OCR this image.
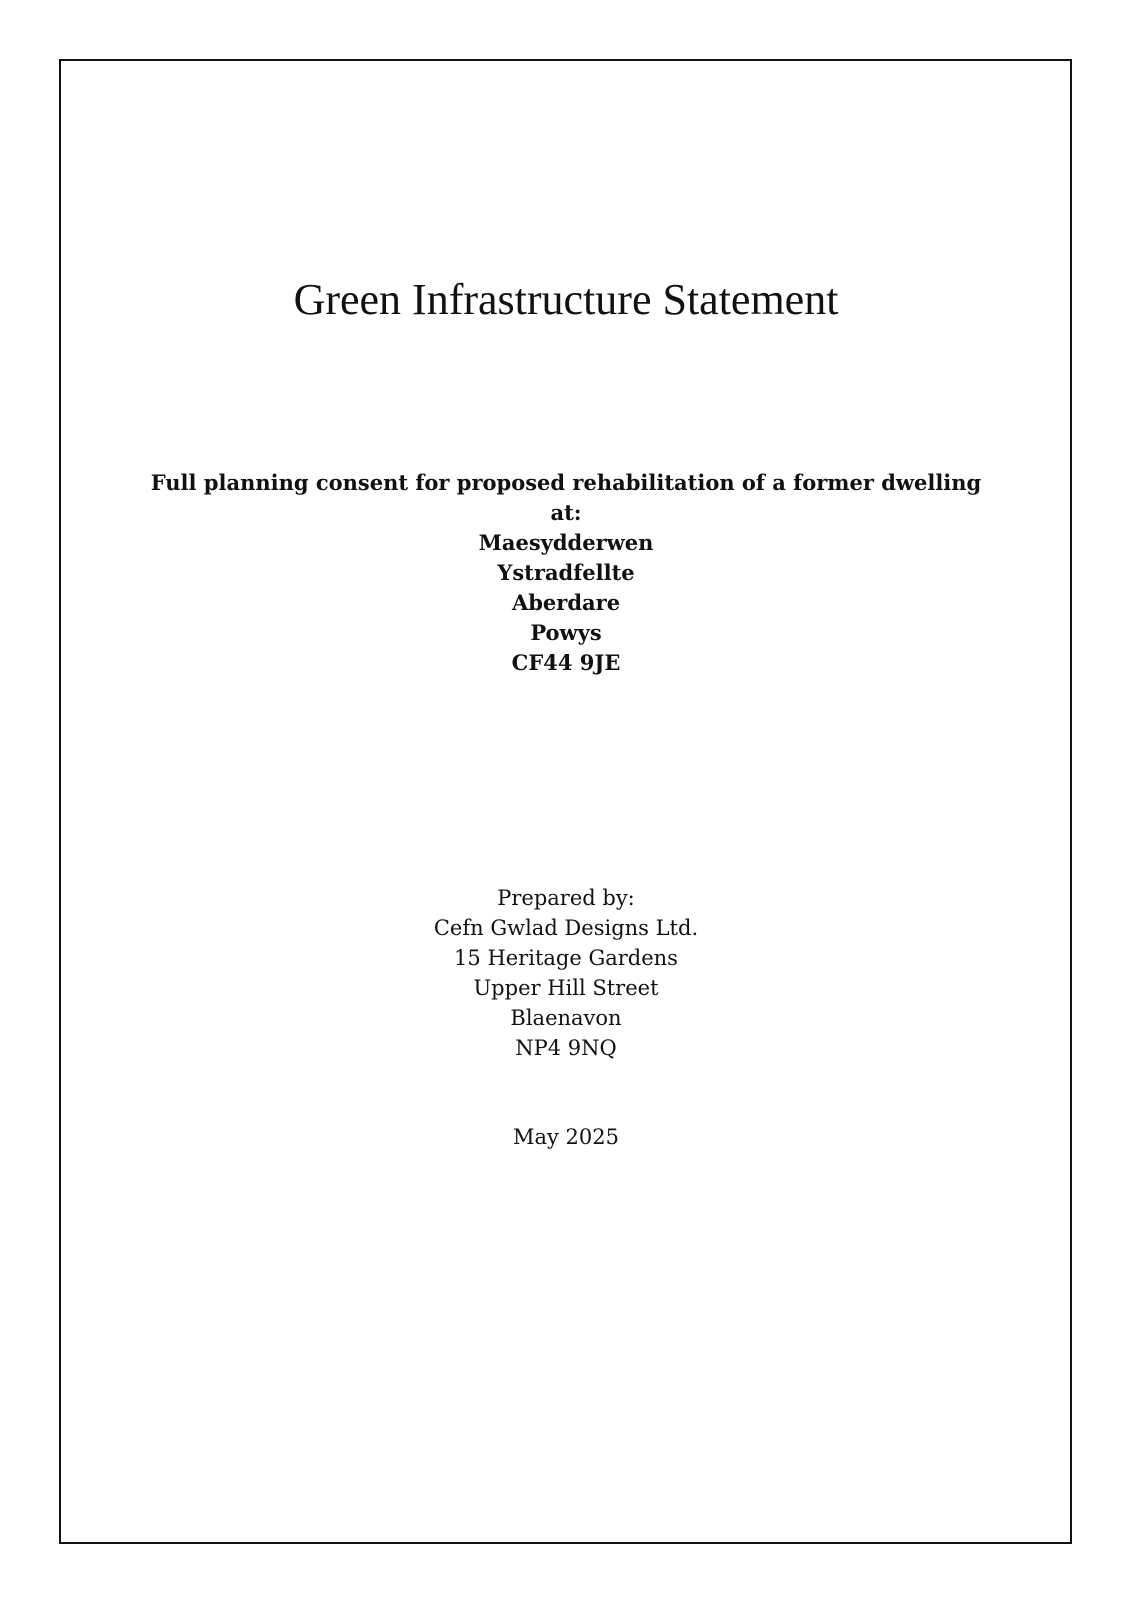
Green Infrastructure Statement
Full planning consent for proposed rehabilitation of a former dwelling
at:
Maesydderwen
Ystradfellte
Aberdare
Powys
CF44 9JE
Prepared by:
Cefn Gwlad Designs Ltd.
15 Heritage Gardens
Upper Hill Street
Blaenavon
NP4 9NQ
May 2025
